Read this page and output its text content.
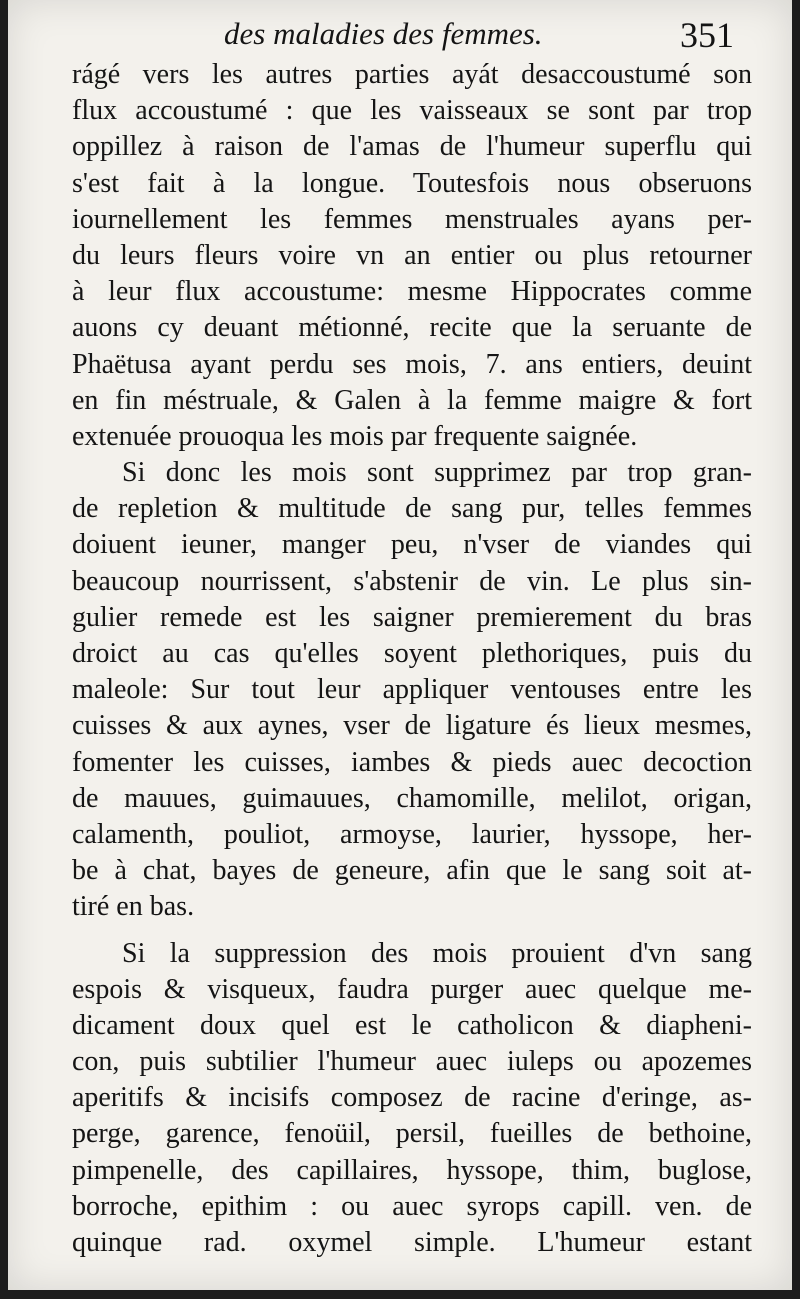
des maladies des femmes.	351
rágé vers les autres parties ayát desaccoustumé son
flux accoustumé : que les vaisseaux se sont par trop
oppillez à raison de l'amas de l'humeur superflu qui
s'est fait à la longue. Toutesfois nous obseruons
iournellement les femmes menstruales ayans per-
du leurs fleurs voire vn an entier ou plus retourner
à leur flux accoustume: mesme Hippocrates comme
auons cy deuant métionné, recite que la seruante de
Phaëtusa ayant perdu ses mois, 7. ans entiers, deuint
en fin méstruale, & Galen à la femme maigre & fort
extenuée prouoqua les mois par frequente saignée.
Si donc les mois sont supprimez par trop gran-
de repletion & multitude de sang pur, telles femmes
doiuent ieuner, manger peu, n'vser de viandes qui
beaucoup nourrissent, s'abstenir de vin. Le plus sin-
gulier remede est les saigner premierement du bras
droict au cas qu'elles soyent plethoriques, puis du
maleole: Sur tout leur appliquer ventouses entre les
cuisses & aux aynes, vser de ligature és lieux mesmes,
fomenter les cuisses, iambes & pieds auec decoction
de mauues, guimauues, chamomille, melilot, origan,
calamenth, pouliot, armoyse, laurier, hyssope, her-
be à chat, bayes de geneure, afin que le sang soit at-
tiré en bas.
Si la suppression des mois prouient d'vn sang
espois & visqueux, faudra purger auec quelque me-
dicament doux quel est le catholicon & diapheni-
con, puis subtilier l'humeur auec iuleps ou apozemes
aperitifs & incisifs composez de racine d'eringe, as-
perge, garence, fenoüil, persil, fueilles de bethoine,
pimpenelle, des capillaires, hyssope, thim, buglose,
borroche, epithim : ou auec syrops capill. ven. de
quinque rad. oxymel simple. L'humeur estant
